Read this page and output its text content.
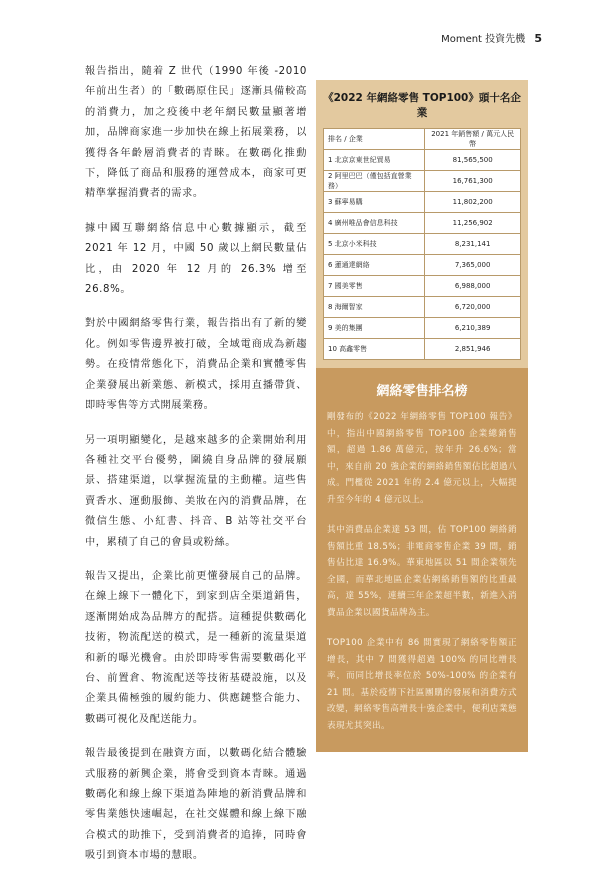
Moment 投資先機 5

報告指出，隨着 Z 世代（1990 年後 -2010 年前出生者）的「數碼原住民」逐漸具備較高的消費力，加之疫後中老年網民數量顯著增加，品牌商家進一步加快在線上拓展業務，以獲得各年齡層消費者的青睞。在數碼化推動下，降低了商品和服務的運營成本，商家可更精準掌握消費者的需求。

據中國互聯網絡信息中心數據顯示，截至 2021 年 12 月，中國 50 歲以上網民數量佔比，由 2020 年 12 月的 26.3% 增至 26.8%。

對於中國網絡零售行業，報告指出有了新的變化。例如零售邊界被打破，全域電商成為新趨勢。在疫情常態化下，消費品企業和實體零售企業發展出新業態、新模式，採用直播帶貨、即時零售等方式開展業務。

另一項明顯變化，是越來越多的企業開始利用各種社交平台優勢，圍繞自身品牌的發展願景、搭建渠道，以掌握流量的主動權。這些售賣香水、運動服飾、美妝在內的消費品牌，在微信生態、小紅書、抖音、B 站等社交平台中，累積了自己的會員或粉絲。

報告又提出，企業比前更懂發展自己的品牌。在線上線下一體化下，到家到店全渠道銷售，逐漸開始成為品牌方的配搭。這種提供數碼化技術，物流配送的模式，是一種新的流量渠道和新的曝光機會。由於即時零售需要數碼化平台、前置倉、物流配送等技術基礎設施，以及企業具備極強的履約能力、供應鏈整合能力、數碼可視化及配送能力。

報告最後提到在融資方面，以數碼化結合體驗式服務的新興企業，將會受到資本青睞。通過數碼化和線上線下渠道為陣地的新消費品牌和零售業態快速崛起，在社交媒體和線上線下融合模式的助推下，受到消費者的追捧，同時會吸引到資本市場的慧眼。

《2022 年網絡零售 TOP100》頭十名企業
排名 / 企業	2021 年銷售額 / 萬元人民幣
1 北京京東世紀貿易	81,565,500
2 阿里巴巴（僅包括直營業務）	16,761,300
3 蘇寧易購	11,802,200
4 廣州唯品會信息科技	11,256,902
5 北京小米科技	8,231,141
6 蓮通達網絡	7,365,000
7 國美零售	6,988,000
8 海爾智家	6,720,000
9 美的集團	6,210,389
10 高鑫零售	2,851,946
網絡零售排名榜

剛發布的《2022 年網絡零售 TOP100 報告》中，指出中國網絡零售 TOP100 企業總銷售額，超過 1.86 萬億元，按年升 26.6%；當中，來自前 20 強企業的網絡銷售額佔比超過八成。門檻從 2021 年的 2.4 億元以上，大幅提升至今年的 4 億元以上。

其中消費品企業達 53 間，佔 TOP100 網絡銷售額比重 18.5%；非電商零售企業 39 間，銷售佔比達 16.9%。華東地區以 51 間企業領先全國，而華北地區企業佔網絡銷售額的比重最高，達 55%，連續三年企業超半數，新進入消費品企業以國貨品牌為主。

TOP100 企業中有 86 間實現了網絡零售額正增長，其中 7 間獲得超過 100% 的同比增長率，而同比增長率位於 50%-100% 的企業有 21 間。基於疫情下社區團購的發展和消費方式改變，網絡零售高增長十強企業中，便利店業態表現尤其突出。
